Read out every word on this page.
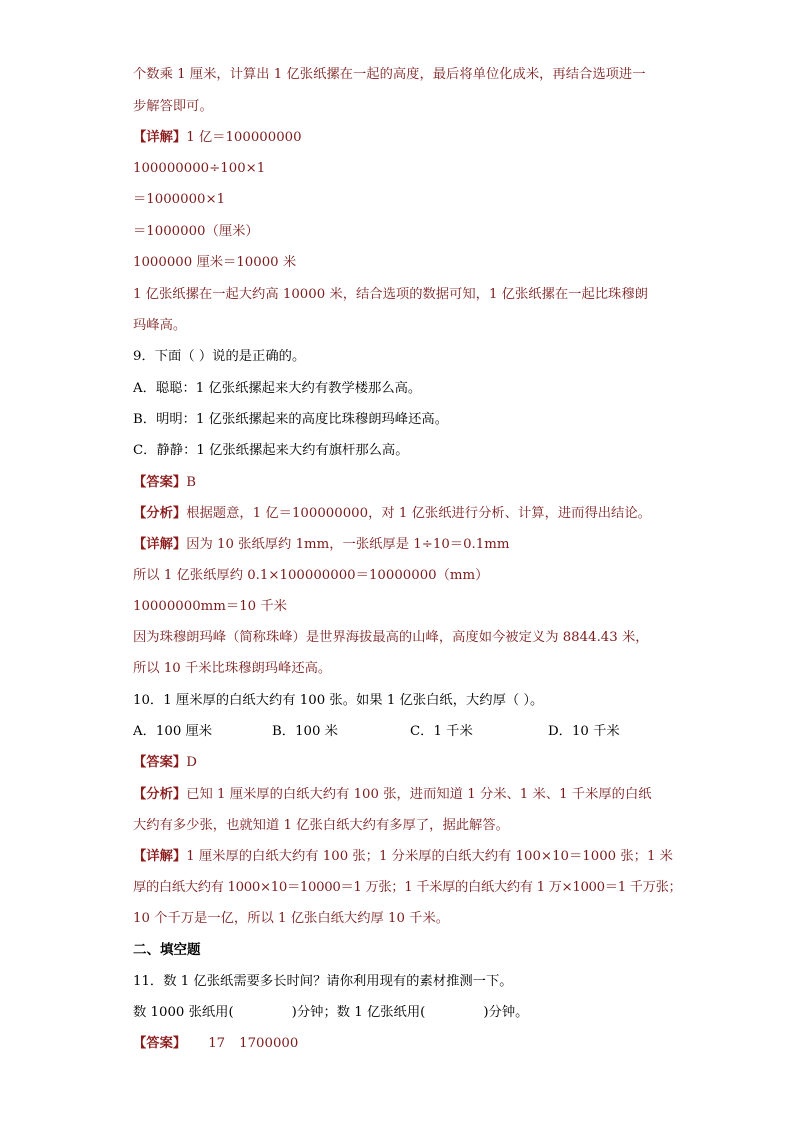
个数乘 1 厘米，计算出 1 亿张纸摞在一起的高度，最后将单位化成米，再结合选项进一
步解答即可。
【详解】1 亿＝100000000
100000000÷100×1
＝1000000×1
＝1000000（厘米）
1000000 厘米＝10000 米
1 亿张纸摞在一起大约高 10000 米，结合选项的数据可知，1 亿张纸摞在一起比珠穆朗
玛峰高。
9．下面（ ）说的是正确的。
A．聪聪：1 亿张纸摞起来大约有教学楼那么高。
B．明明：1 亿张纸摞起来的高度比珠穆朗玛峰还高。
C．静静：1 亿张纸摞起来大约有旗杆那么高。
【答案】B
【分析】根据题意，1 亿＝100000000，对 1 亿张纸进行分析、计算，进而得出结论。
【详解】因为 10 张纸厚约 1mm，一张纸厚是 1÷10＝0.1mm
所以 1 亿张纸厚约 0.1×100000000＝10000000（mm）
10000000mm＝10 千米
因为珠穆朗玛峰（简称珠峰）是世界海拔最高的山峰，高度如今被定义为 8844.43 米，
所以 10 千米比珠穆朗玛峰还高。
10．1 厘米厚的白纸大约有 100 张。如果 1 亿张白纸，大约厚（ ）。
A．100 厘米	B．100 米	C．1 千米	D．10 千米
【答案】D
【分析】已知 1 厘米厚的白纸大约有 100 张，进而知道 1 分米、1 米、1 千米厚的白纸
大约有多少张，也就知道 1 亿张白纸大约有多厚了，据此解答。
【详解】1 厘米厚的白纸大约有 100 张；1 分米厚的白纸大约有 100×10＝1000 张；1 米
厚的白纸大约有 1000×10＝10000＝1 万张；1 千米厚的白纸大约有 1 万×1000＝1 千万张；
10 个千万是一亿，所以 1 亿张白纸大约厚 10 千米。
二、填空题
11．数 1 亿张纸需要多长时间？请你利用现有的素材推测一下。
数 1000 张纸用(	)分钟；数 1 亿张纸用(	)分钟。
【答案】 17 1700000
